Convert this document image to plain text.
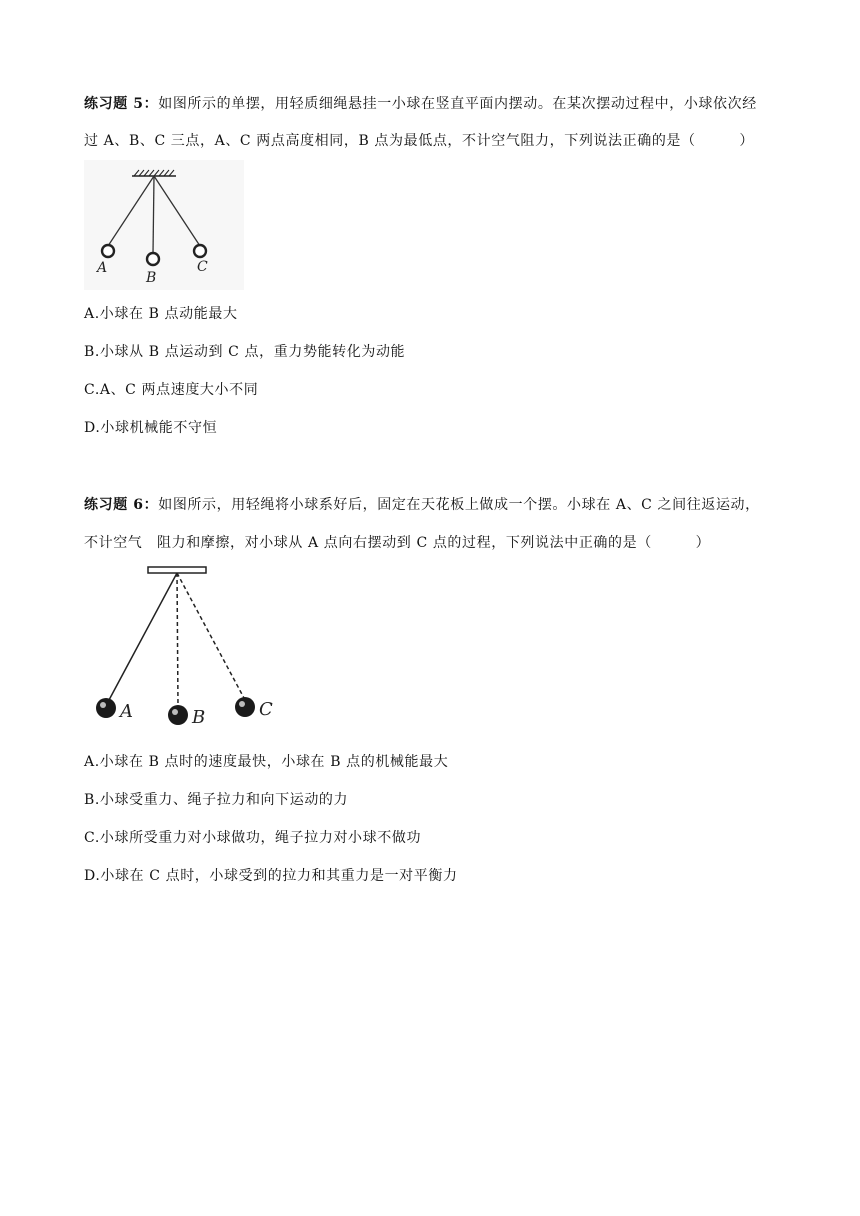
练习题 5：如图所示的单摆，用轻质细绳悬挂一小球在竖直平面内摆动。在某次摆动过程中，小球依次经
过 A、B、C 三点，A、C 两点高度相同，B 点为最低点，不计空气阻力，下列说法正确的是（　　　）
A
B
C
A.小球在 B 点动能最大
B.小球从 B 点运动到 C 点，重力势能转化为动能
C.A、C 两点速度大小不同
D.小球机械能不守恒
练习题 6：如图所示，用轻绳将小球系好后，固定在天花板上做成一个摆。小球在 A、C 之间往返运动，
不计空气　阻力和摩擦，对小球从 A 点向右摆动到 C 点的过程，下列说法中正确的是（　　　）
A	B	C
A.小球在 B 点时的速度最快，小球在 B 点的机械能最大
B.小球受重力、绳子拉力和向下运动的力
C.小球所受重力对小球做功，绳子拉力对小球不做功
D.小球在 C 点时，小球受到的拉力和其重力是一对平衡力
